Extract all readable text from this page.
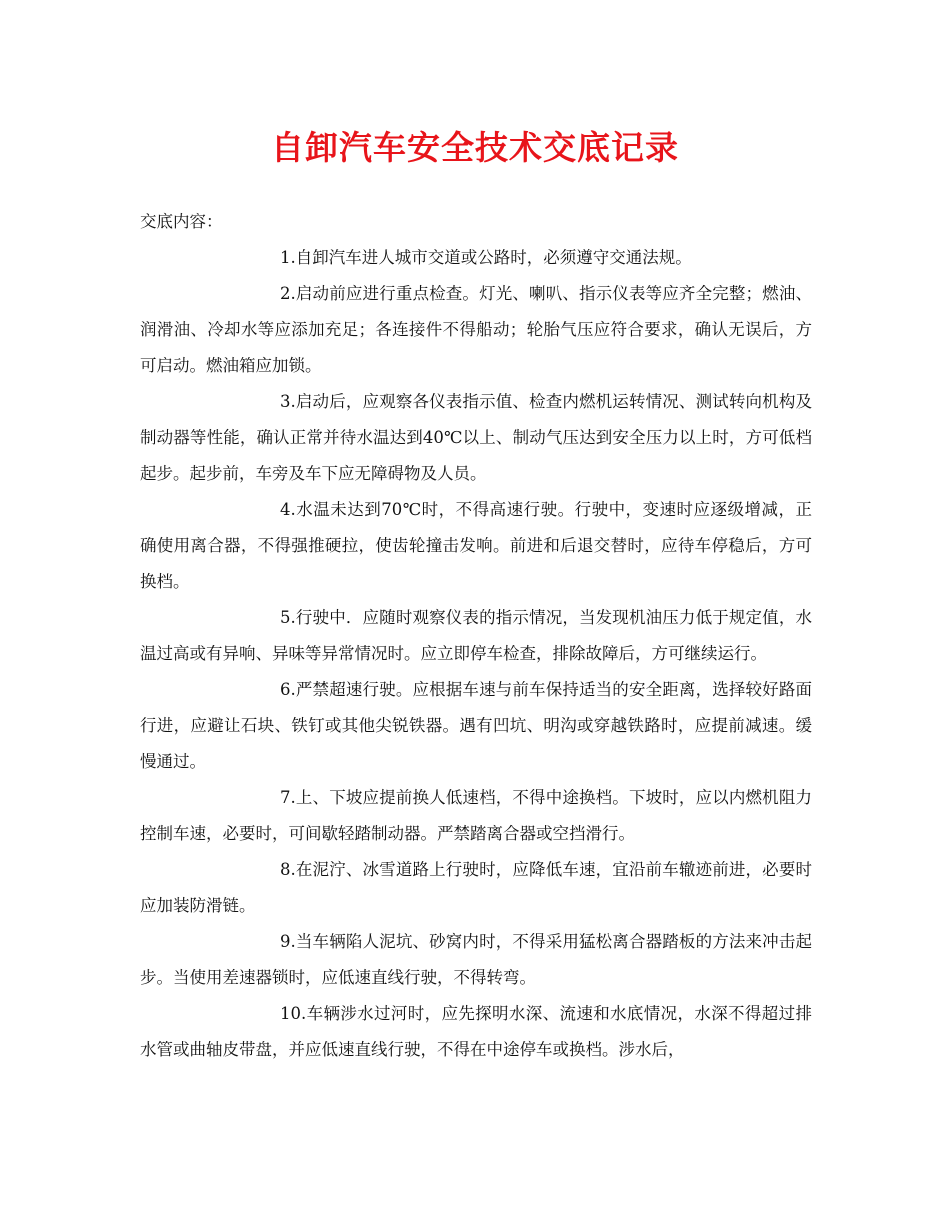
自卸汽车安全技术交底记录

交底内容：

1.自卸汽车进人城市交道或公路时，必须遵守交通法规。

2.启动前应进行重点检查。灯光、喇叭、指示仪表等应齐全完整；燃油、润滑油、冷却水等应添加充足；各连接件不得船动；轮胎气压应符合要求，确认无误后，方可启动。燃油箱应加锁。

3.启动后，应观察各仪表指示值、检查内燃机运转情况、测试转向机构及制动器等性能，确认正常并待水温达到40℃以上、制动气压达到安全压力以上时，方可低档起步。起步前，车旁及车下应无障碍物及人员。

4.水温未达到70℃时，不得高速行驶。行驶中，变速时应逐级增减，正确使用离合器，不得强推硬拉，使齿轮撞击发响。前进和后退交替时，应待车停稳后，方可换档。

5.行驶中．应随时观察仪表的指示情况，当发现机油压力低于规定值，水温过高或有异响、异味等异常情况时。应立即停车检查，排除故障后，方可继续运行。

6.严禁超速行驶。应根据车速与前车保持适当的安全距离，选择较好路面行进，应避让石块、铁钉或其他尖锐铁器。遇有凹坑、明沟或穿越铁路时，应提前减速。缓慢通过。

7.上、下坡应提前换人低速档，不得中途换档。下坡时，应以内燃机阻力控制车速，必要时，可间歇轻踏制动器。严禁踏离合器或空挡滑行。

8.在泥泞、冰雪道路上行驶时，应降低车速，宜沿前车辙迹前进，必要时应加装防滑链。

9.当车辆陷人泥坑、砂窝内时，不得采用猛松离合器踏板的方法来冲击起步。当使用差速器锁时，应低速直线行驶，不得转弯。

10.车辆涉水过河时，应先探明水深、流速和水底情况，水深不得超过排水管或曲轴皮带盘，并应低速直线行驶，不得在中途停车或换档。涉水后，
